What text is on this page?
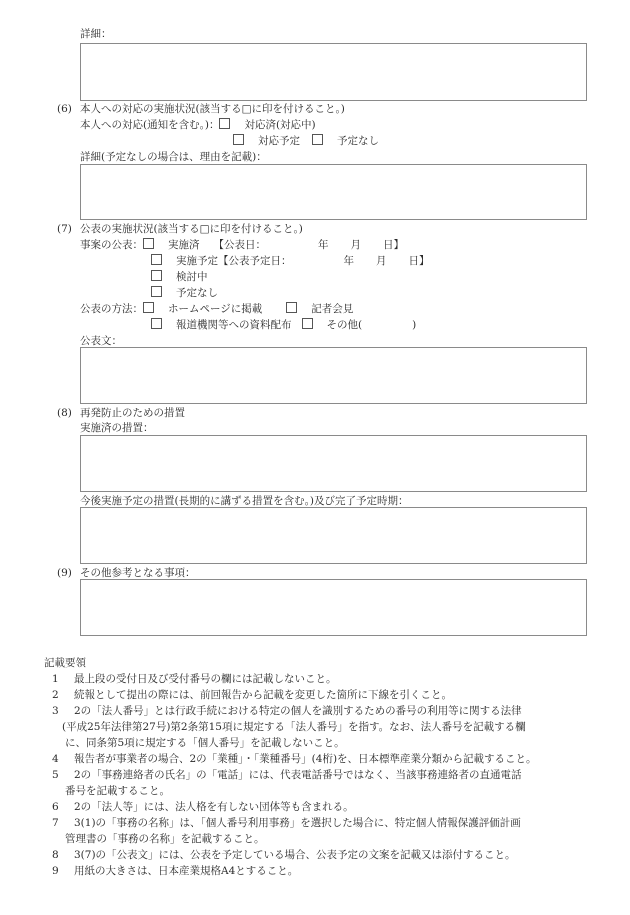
詳細：
(6) 本人への対応の実施状況(該当する□に印を付けること。)
本人への対応(通知を含む。)： 対応済(対応中)
対応予定	予定なし
詳細(予定なしの場合は、理由を記載)：
(7) 公表の実施状況(該当する□に印を付けること。)
事案の公表： 実施済 【公表日：	年 月 日】
実施予定【公表予定日：	年 月 日】
検討中
予定なし
公表の方法： ホームページに掲載	記者会見
報道機関等への資料配布	その他(	)
公表文：
(8) 再発防止のための措置
実施済の措置：
今後実施予定の措置(長期的に講ずる措置を含む。)及び完了予定時期：
(9) その他参考となる事項：
記載要領
1 最上段の受付日及び受付番号の欄には記載しないこと。
2 続報として提出の際には、前回報告から記載を変更した箇所に下線を引くこと。
3 2の「法人番号」とは行政手続における特定の個人を識別するための番号の利用等に関する法律
(平成25年法律第27号)第2条第15項に規定する「法人番号」を指す。なお、法人番号を記載する欄
に、同条第5項に規定する「個人番号」を記載しないこと。
4 報告者が事業者の場合、2の「業種」・「業種番号」(4桁)を、日本標準産業分類から記載すること。
5 2の「事務連絡者の氏名」の「電話」には、代表電話番号ではなく、当該事務連絡者の直通電話
番号を記載すること。
6 2の「法人等」には、法人格を有しない団体等も含まれる。
7 3(1)の「事務の名称」は、「個人番号利用事務」を選択した場合に、特定個人情報保護評価計画
管理書の「事務の名称」を記載すること。
8 3(7)の「公表文」には、公表を予定している場合、公表予定の文案を記載又は添付すること。
9 用紙の大きさは、日本産業規格A4とすること。
